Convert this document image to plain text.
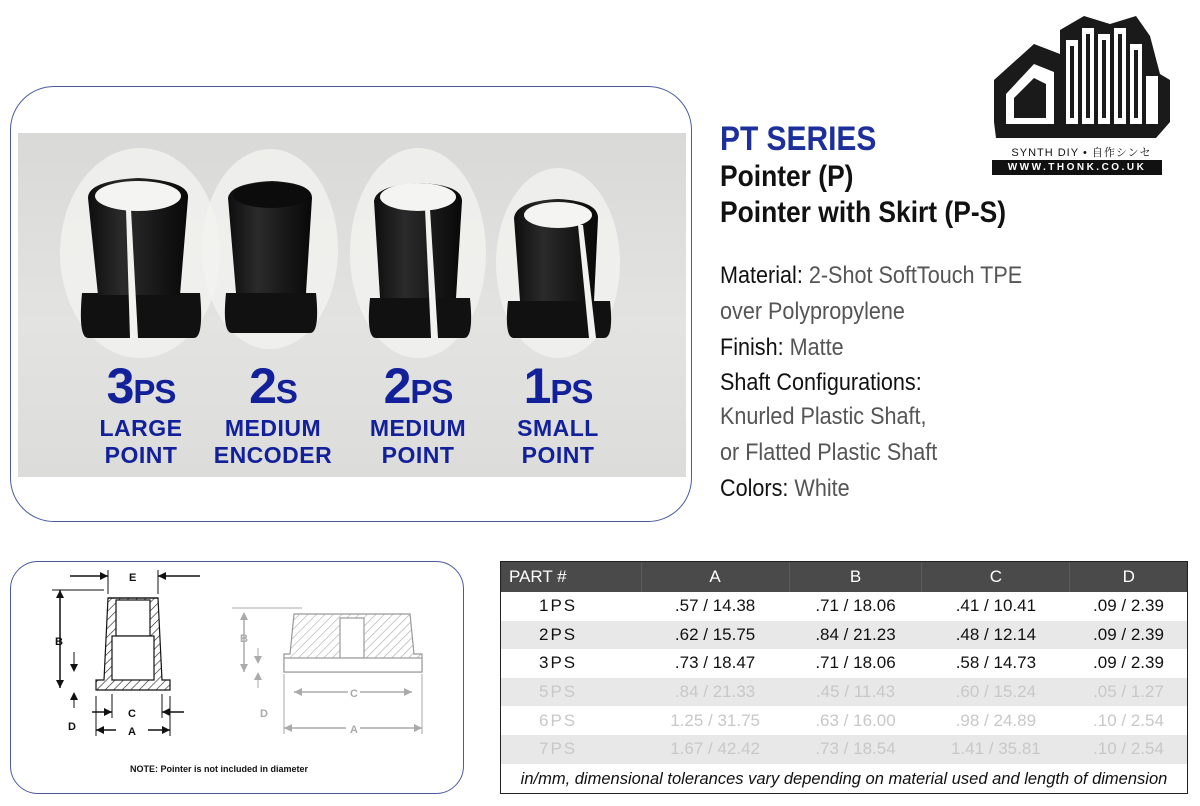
3PS
LARGE
POINT
2S
MEDIUM
ENCODER
2PS
MEDIUM
POINT
1PS
SMALL
POINT
SYNTH DIY • 自作シンセ
WWW.THONK.CO.UK
PT SERIES
Pointer (P)
Pointer with Skirt (P-S)
Material: 2-Shot SoftTouch TPE
over Polypropylene
Finish: Matte
Shaft Configurations:
Knurled Plastic Shaft,
or Flatted Plastic Shaft
Colors: White
E
B
D
C
A
B
D
C
A
NOTE: Pointer is not included in diameter
PART #	A	B	C	D
1PS	.57 / 14.38	.71 / 18.06	.41 / 10.41	.09 / 2.39
2PS	.62 / 15.75	.84 / 21.23	.48 / 12.14	.09 / 2.39
3PS	.73 / 18.47	.71 / 18.06	.58 / 14.73	.09 / 2.39
5PS	.84 / 21.33	.45 / 11.43	.60 / 15.24	.05 / 1.27
6PS	1.25 / 31.75	.63 / 16.00	.98 / 24.89	.10 / 2.54
7PS	1.67 / 42.42	.73 / 18.54	1.41 / 35.81	.10 / 2.54
in/mm, dimensional tolerances vary depending on material used and length of dimension
